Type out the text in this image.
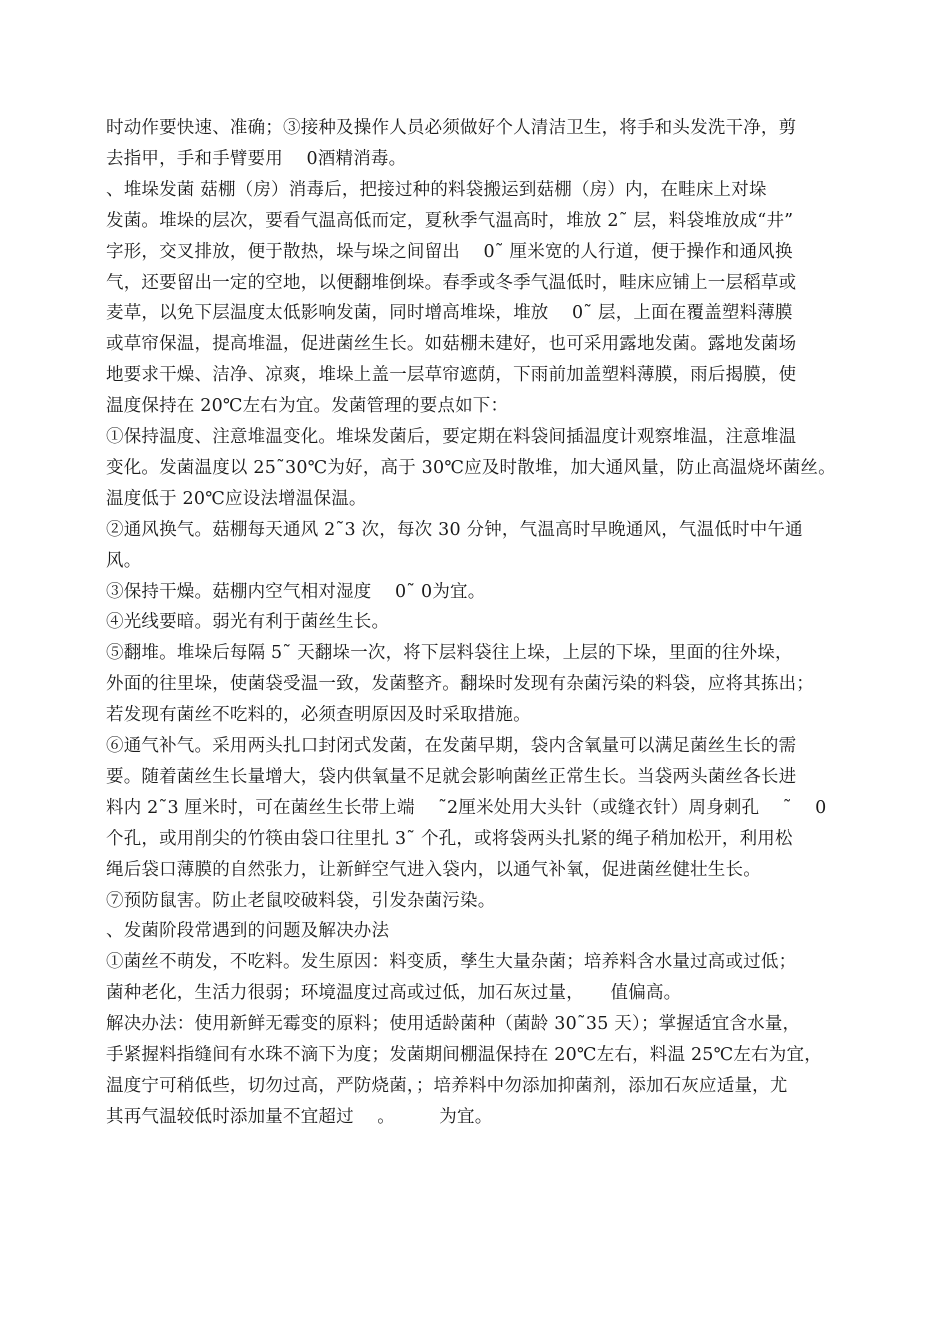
时动作要快速、准确；③接种及操作人员必须做好个人清洁卫生，将手和头发洗干净，剪
去指甲，手和手臂要用　 0酒精消毒。
、堆垛发菌 菇棚（房）消毒后，把接过种的料袋搬运到菇棚（房）内，在畦床上对垛
发菌。堆垛的层次，要看气温高低而定，夏秋季气温高时，堆放 2˜ 层，料袋堆放成“井”
字形，交叉排放，便于散热，垛与垛之间留出　 0˜ 厘米宽的人行道，便于操作和通风换
气，还要留出一定的空地，以便翻堆倒垛。春季或冬季气温低时，畦床应铺上一层稻草或
麦草，以免下层温度太低影响发菌，同时增高堆垛，堆放　 0˜ 层，上面在覆盖塑料薄膜
或草帘保温，提高堆温，促进菌丝生长。如菇棚未建好，也可采用露地发菌。露地发菌场
地要求干燥、洁净、凉爽，堆垛上盖一层草帘遮荫，下雨前加盖塑料薄膜，雨后揭膜，使
温度保持在 20℃左右为宜。发菌管理的要点如下：
①保持温度、注意堆温变化。堆垛发菌后，要定期在料袋间插温度计观察堆温，注意堆温
变化。发菌温度以 25˜30℃为好，高于 30℃应及时散堆，加大通风量，防止高温烧坏菌丝。
温度低于 20℃应设法增温保温。
②通风换气。菇棚每天通风 2˜3 次，每次 30 分钟，气温高时早晚通风，气温低时中午通
风。
③保持干燥。菇棚内空气相对湿度　 0˜ 0为宜。
④光线要暗。弱光有利于菌丝生长。
⑤翻堆。堆垛后每隔 5˜ 天翻垛一次，将下层料袋往上垛，上层的下垛，里面的往外垛，
外面的往里垛，使菌袋受温一致，发菌整齐。翻垛时发现有杂菌污染的料袋，应将其拣出；
若发现有菌丝不吃料的，必须查明原因及时采取措施。
⑥通气补气。采用两头扎口封闭式发菌，在发菌早期，袋内含氧量可以满足菌丝生长的需
要。随着菌丝生长量增大，袋内供氧量不足就会影响菌丝正常生长。当袋两头菌丝各长进
料内 2˜3 厘米时，可在菌丝生长带上端　 ˜2厘米处用大头针（或缝衣针）周身刺孔　 ˜　 0
个孔，或用削尖的竹筷由袋口往里扎 3˜ 个孔，或将袋两头扎紧的绳子稍加松开，利用松
绳后袋口薄膜的自然张力，让新鲜空气进入袋内，以通气补氧，促进菌丝健壮生长。
⑦预防鼠害。防止老鼠咬破料袋，引发杂菌污染。
、发菌阶段常遇到的问题及解决办法
①菌丝不萌发，不吃料。发生原因：料变质，孳生大量杂菌；培养料含水量过高或过低；
菌种老化，生活力很弱；环境温度过高或过低，加石灰过量，　　值偏高。
解决办法：使用新鲜无霉变的原料；使用适龄菌种（菌龄 30˜35 天）；掌握适宜含水量，
手紧握料指缝间有水珠不滴下为度；发菌期间棚温保持在 20℃左右，料温 25℃左右为宜，
温度宁可稍低些，切勿过高，严防烧菌，；培养料中勿添加抑菌剂，添加石灰应适量，尤
其再气温较低时添加量不宜超过　 。　　　为宜。
